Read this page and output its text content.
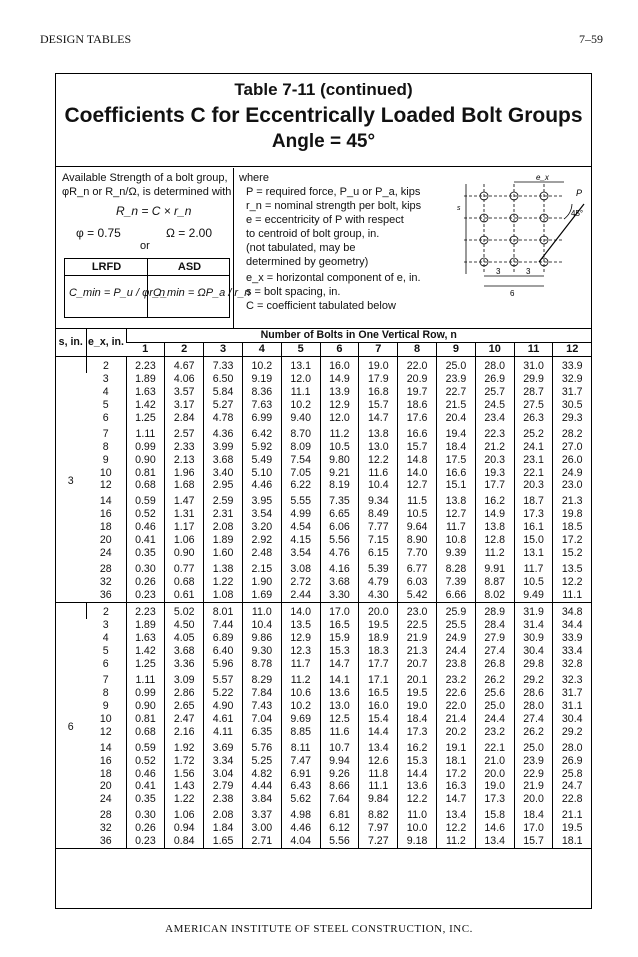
DESIGN TABLES	7–59
Table 7-11 (continued)
Coefficients C for Eccentrically Loaded Bolt Groups
Angle = 45°
Available Strength of a bolt group,
φR_n or R_n/Ω, is determined with
R_n = C × r_n
φ = 0.75	Ω = 2.00
or
LRFD	ASD
C_min = P_u / φr_n
C_min = ΩP_a / r_n
where
P = required force, P_u or P_a, kips
r_n = nominal strength per bolt, kips
e = eccentricity of P with respect
to centroid of bolt group, in.
(not tabulated, may be
determined by geometry)
e_x = horizontal component of e, in.
s = bolt spacing, in.
C = coefficient tabulated below
e_x
P
45°
s
3	3
6
s, in.	e_x, in.	Number of Bolts in One Vertical Row, n											
		1	2	3	4	5	6	7	8	9	10	11	12
3	2	2.23	4.67	7.33	10.2	13.1	16.0	19.0	22.0	25.0	28.0	31.0	33.9
	3	1.89	4.06	6.50	9.19	12.0	14.9	17.9	20.9	23.9	26.9	29.9	32.9
	4	1.63	3.57	5.84	8.36	11.1	13.9	16.8	19.7	22.7	25.7	28.7	31.7
	5	1.42	3.17	5.27	7.63	10.2	12.9	15.7	18.6	21.5	24.5	27.5	30.5
	6	1.25	2.84	4.78	6.99	9.40	12.0	14.7	17.6	20.4	23.4	26.3	29.3
	7	1.11	2.57	4.36	6.42	8.70	11.2	13.8	16.6	19.4	22.3	25.2	28.2
	8	0.99	2.33	3.99	5.92	8.09	10.5	13.0	15.7	18.4	21.2	24.1	27.0
	9	0.90	2.13	3.68	5.49	7.54	9.80	12.2	14.8	17.5	20.3	23.1	26.0
	10	0.81	1.96	3.40	5.10	7.05	9.21	11.6	14.0	16.6	19.3	22.1	24.9
	12	0.68	1.68	2.95	4.46	6.22	8.19	10.4	12.7	15.1	17.7	20.3	23.0
	14	0.59	1.47	2.59	3.95	5.55	7.35	9.34	11.5	13.8	16.2	18.7	21.3
	16	0.52	1.31	2.31	3.54	4.99	6.65	8.49	10.5	12.7	14.9	17.3	19.8
	18	0.46	1.17	2.08	3.20	4.54	6.06	7.77	9.64	11.7	13.8	16.1	18.5
	20	0.41	1.06	1.89	2.92	4.15	5.56	7.15	8.90	10.8	12.8	15.0	17.2
	24	0.35	0.90	1.60	2.48	3.54	4.76	6.15	7.70	9.39	11.2	13.1	15.2
	28	0.30	0.77	1.38	2.15	3.08	4.16	5.39	6.77	8.28	9.91	11.7	13.5
	32	0.26	0.68	1.22	1.90	2.72	3.68	4.79	6.03	7.39	8.87	10.5	12.2
	36	0.23	0.61	1.08	1.69	2.44	3.30	4.30	5.42	6.66	8.02	9.49	11.1
6	2	2.23	5.02	8.01	11.0	14.0	17.0	20.0	23.0	25.9	28.9	31.9	34.8
	3	1.89	4.50	7.44	10.4	13.5	16.5	19.5	22.5	25.5	28.4	31.4	34.4
	4	1.63	4.05	6.89	9.86	12.9	15.9	18.9	21.9	24.9	27.9	30.9	33.9
	5	1.42	3.68	6.40	9.30	12.3	15.3	18.3	21.3	24.4	27.4	30.4	33.4
	6	1.25	3.36	5.96	8.78	11.7	14.7	17.7	20.7	23.8	26.8	29.8	32.8
	7	1.11	3.09	5.57	8.29	11.2	14.1	17.1	20.1	23.2	26.2	29.2	32.3
	8	0.99	2.86	5.22	7.84	10.6	13.6	16.5	19.5	22.6	25.6	28.6	31.7
	9	0.90	2.65	4.90	7.43	10.2	13.0	16.0	19.0	22.0	25.0	28.0	31.1
	10	0.81	2.47	4.61	7.04	9.69	12.5	15.4	18.4	21.4	24.4	27.4	30.4
	12	0.68	2.16	4.11	6.35	8.85	11.6	14.4	17.3	20.2	23.2	26.2	29.2
	14	0.59	1.92	3.69	5.76	8.11	10.7	13.4	16.2	19.1	22.1	25.0	28.0
	16	0.52	1.72	3.34	5.25	7.47	9.94	12.6	15.3	18.1	21.0	23.9	26.9
	18	0.46	1.56	3.04	4.82	6.91	9.26	11.8	14.4	17.2	20.0	22.9	25.8
	20	0.41	1.43	2.79	4.44	6.43	8.66	11.1	13.6	16.3	19.0	21.9	24.7
	24	0.35	1.22	2.38	3.84	5.62	7.64	9.84	12.2	14.7	17.3	20.0	22.8
	28	0.30	1.06	2.08	3.37	4.98	6.81	8.82	11.0	13.4	15.8	18.4	21.1
	32	0.26	0.94	1.84	3.00	4.46	6.12	7.97	10.0	12.2	14.6	17.0	19.5
	36	0.23	0.84	1.65	2.71	4.04	5.56	7.27	9.18	11.2	13.4	15.7	18.1
AMERICAN INSTITUTE OF STEEL CONSTRUCTION, INC.
